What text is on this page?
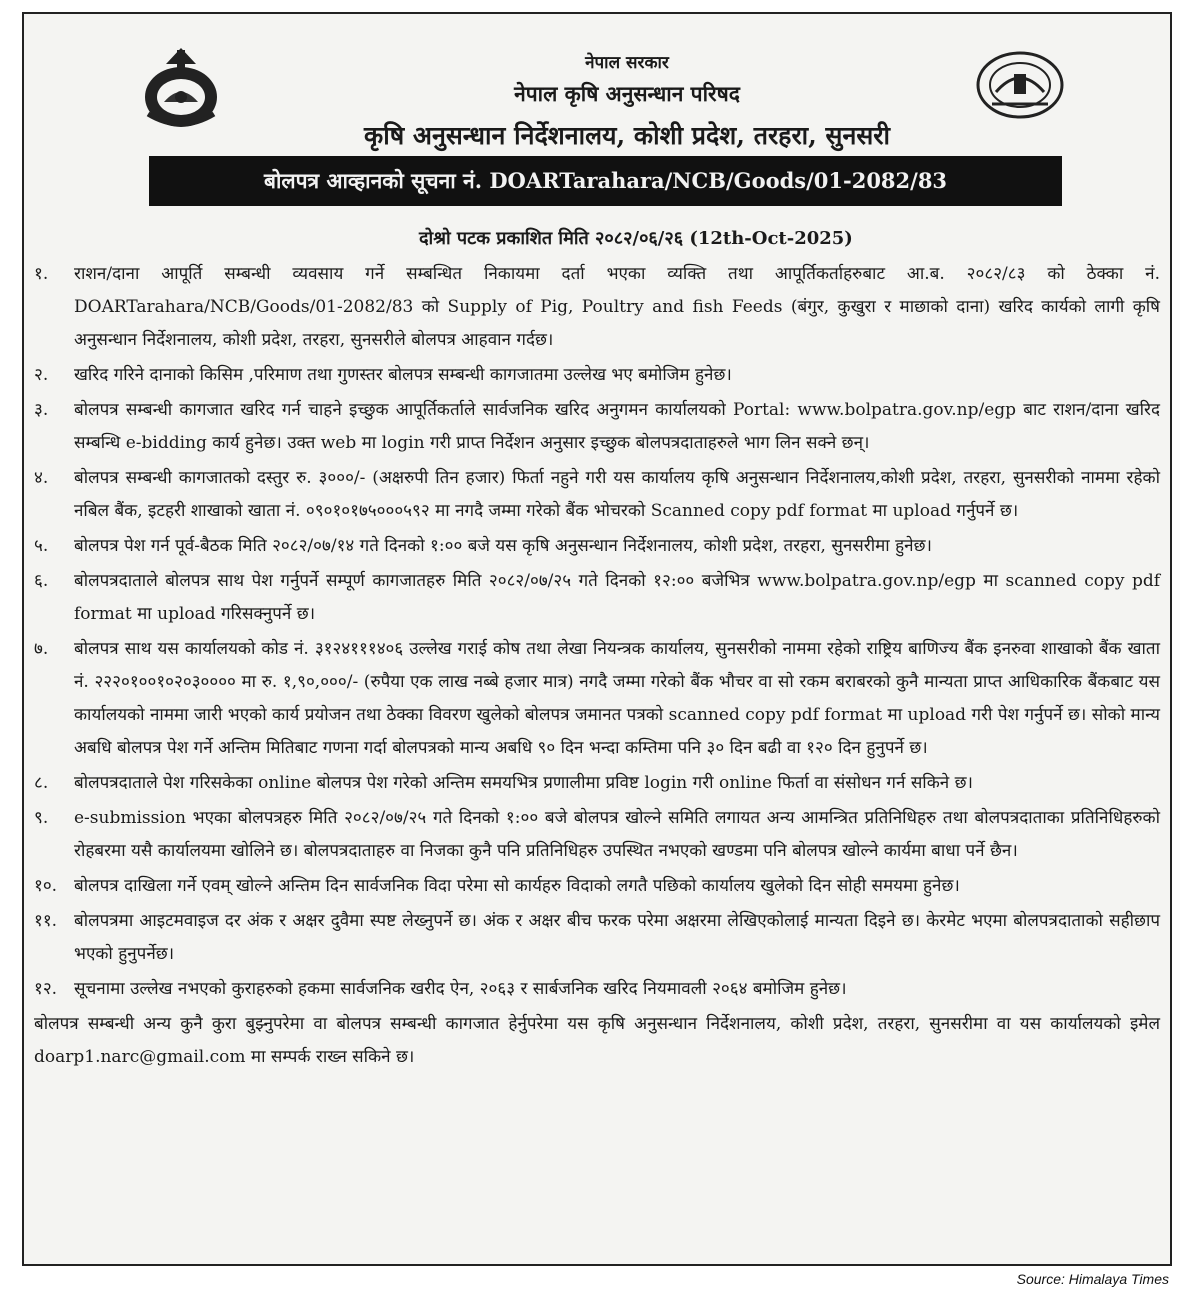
नेपाल सरकार
नेपाल कृषि अनुसन्धान परिषद
कृषि अनुसन्धान निर्देशनालय, कोशी प्रदेश, तरहरा, सुनसरी
बोलपत्र आव्हानको सूचना नं. DOARTarahara/NCB/Goods/01-2082/83
दोश्रो पटक प्रकाशित मिति २०८२/०६/२६ (12th-Oct-2025)
१. राशन/दाना आपूर्ति सम्बन्धी व्यवसाय गर्ने सम्बन्धित निकायमा दर्ता भएका व्यक्ति तथा आपूर्तिकर्ताहरुबाट आ.ब. २०८२/८३ को ठेक्का नं. DOARTarahara/NCB/Goods/01-2082/83 को Supply of Pig, Poultry and fish Feeds (बंगुर, कुखुरा र माछाको दाना) खरिद कार्यको लागी कृषि अनुसन्धान निर्देशनालय, कोशी प्रदेश, तरहरा, सुनसरीले बोलपत्र आहवान गर्दछ।
२. खरिद गरिने दानाको किसिम ,परिमाण तथा गुणस्तर बोलपत्र सम्बन्धी कागजातमा उल्लेख भए बमोजिम हुनेछ।
३. बोलपत्र सम्बन्धी कागजात खरिद गर्न चाहने इच्छुक आपूर्तिकर्ताले सार्वजनिक खरिद अनुगमन कार्यालयको Portal: www.bolpatra.gov.np/egp बाट राशन/दाना खरिद सम्बन्धि e-bidding कार्य हुनेछ। उक्त web मा login गरी प्राप्त निर्देशन अनुसार इच्छुक बोलपत्रदाताहरुले भाग लिन सक्ने छन्।
४. बोलपत्र सम्बन्धी कागजातको दस्तुर रु. ३०००/- (अक्षरुपी तिन हजार) फिर्ता नहुने गरी यस कार्यालय कृषि अनुसन्धान निर्देशनालय,कोशी प्रदेश, तरहरा, सुनसरीको नाममा रहेको नबिल बैंक, इटहरी शाखाको खाता नं. ०९०१०१७५०००५९२ मा नगदै जम्मा गरेको बैंक भोचरको Scanned copy pdf format मा upload गर्नुपर्ने छ।
५. बोलपत्र पेश गर्न पूर्व-बैठक मिति २०८२/०७/१४ गते दिनको १:०० बजे यस कृषि अनुसन्धान निर्देशनालय, कोशी प्रदेश, तरहरा, सुनसरीमा हुनेछ।
६. बोलपत्रदाताले बोलपत्र साथ पेश गर्नुपर्ने सम्पूर्ण कागजातहरु मिति २०८२/०७/२५ गते दिनको १२:०० बजेभित्र www.bolpatra.gov.np/egp मा scanned copy pdf format मा upload गरिसक्नुपर्ने छ।
७. बोलपत्र साथ यस कार्यालयको कोड नं. ३१२४१११४०६ उल्लेख गराई कोष तथा लेखा नियन्त्रक कार्यालय, सुनसरीको नाममा रहेको राष्ट्रिय बाणिज्य बैंक इनरुवा शाखाको बैंक खाता नं. २२२०१००१०२०३०००० मा रु. १,९०,०००/- (रुपैया एक लाख नब्बे हजार मात्र) नगदै जम्मा गरेको बैंक भौचर वा सो रकम बराबरको कुनै मान्यता प्राप्त आधिकारिक बैंकबाट यस कार्यालयको नाममा जारी भएको कार्य प्रयोजन तथा ठेक्का विवरण खुलेको बोलपत्र जमानत पत्रको scanned copy pdf format मा upload गरी पेश गर्नुपर्ने छ। सोको मान्य अबधि बोलपत्र पेश गर्ने अन्तिम मितिबाट गणना गर्दा बोलपत्रको मान्य अबधि ९० दिन भन्दा कम्तिमा पनि ३० दिन बढी वा १२० दिन हुनुपर्ने छ।
८. बोलपत्रदाताले पेश गरिसकेका online बोलपत्र पेश गरेको अन्तिम समयभित्र प्रणालीमा प्रविष्ट login गरी online फिर्ता वा संसोधन गर्न सकिने छ।
९. e-submission भएका बोलपत्रहरु मिति २०८२/०७/२५ गते दिनको १:०० बजे बोलपत्र खोल्ने समिति लगायत अन्य आमन्त्रित प्रतिनिधिहरु तथा बोलपत्रदाताका प्रतिनिधिहरुको रोहबरमा यसै कार्यालयमा खोलिने छ। बोलपत्रदाताहरु वा निजका कुनै पनि प्रतिनिधिहरु उपस्थित नभएको खण्डमा पनि बोलपत्र खोल्ने कार्यमा बाधा पर्ने छैन।
१०. बोलपत्र दाखिला गर्ने एवम् खोल्ने अन्तिम दिन सार्वजनिक विदा परेमा सो कार्यहरु विदाको लगतै पछिको कार्यालय खुलेको दिन सोही समयमा हुनेछ।
११. बोलपत्रमा आइटमवाइज दर अंक र अक्षर दुवैमा स्पष्ट लेख्नुपर्ने छ। अंक र अक्षर बीच फरक परेमा अक्षरमा लेखिएकोलाई मान्यता दिइने छ। केरमेट भएमा बोलपत्रदाताको सहीछाप भएको हुनुपर्नेछ।
१२. सूचनामा उल्लेख नभएको कुराहरुको हकमा सार्वजनिक खरीद ऐन, २०६३ र सार्बजनिक खरिद नियमावली २०६४ बमोजिम हुनेछ।
बोलपत्र सम्बन्धी अन्य कुनै कुरा बुझ्नुपरेमा वा बोलपत्र सम्बन्धी कागजात हेर्नुपरेमा यस कृषि अनुसन्धान निर्देशनालय, कोशी प्रदेश, तरहरा, सुनसरीमा वा यस कार्यालयको इमेल doarp1.narc@gmail.com मा सम्पर्क राख्न सकिने छ।
Source: Himalaya Times
